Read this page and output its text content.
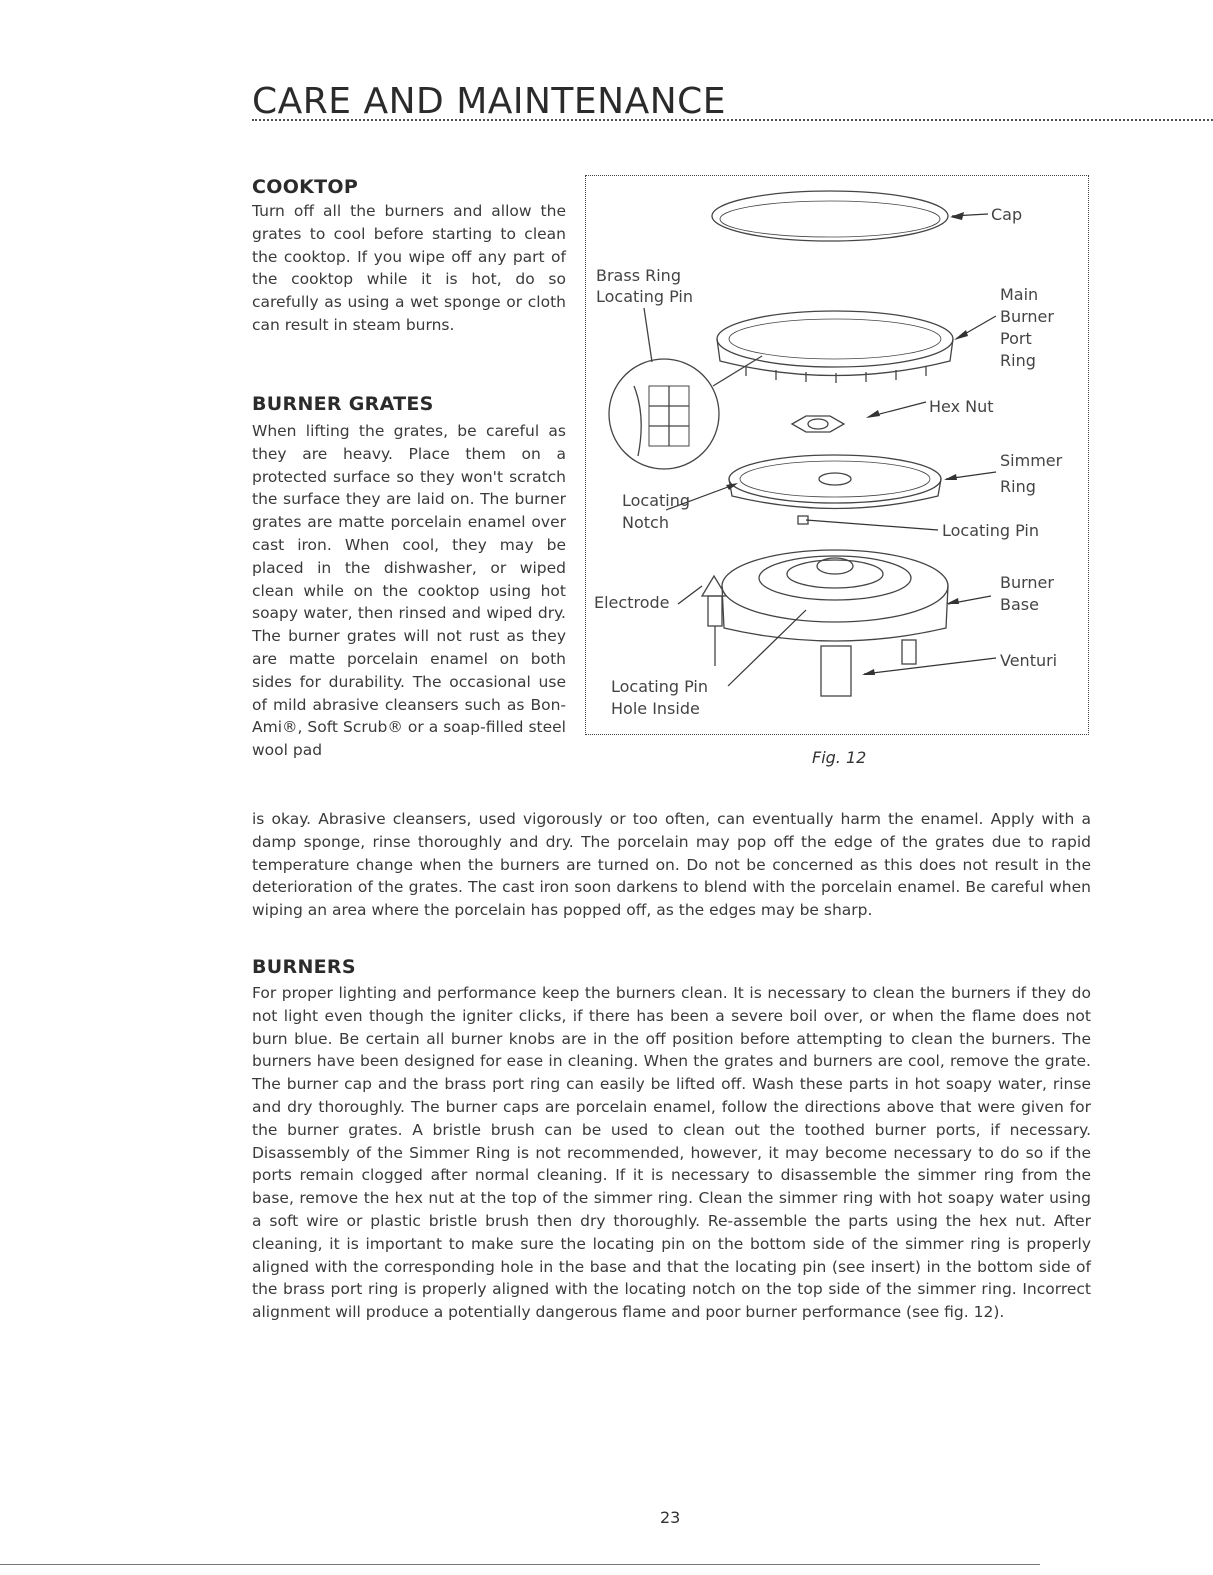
CARE AND MAINTENANCE
COOKTOP

Turn off all the burners and allow the grates to cool before starting to clean the cooktop. If you wipe off any part of the cooktop while it is hot, do so carefully as using a wet sponge or cloth can result in steam burns.

BURNER GRATES

When lifting the grates, be careful as they are heavy. Place them on a protected surface so they won't scratch the surface they are laid on. The burner grates are matte porcelain enamel over cast iron. When cool, they may be placed in the dishwasher, or wiped clean while on the cooktop using hot soapy water, then rinsed and wiped dry. The burner grates will not rust as they are matte porcelain enamel on both sides for durability. The occasional use of mild abrasive cleansers such as Bon-Ami®, Soft Scrub® or a soap-filled steel wool pad

is okay. Abrasive cleansers, used vigorously or too often, can eventually harm the enamel. Apply with a damp sponge, rinse thoroughly and dry. The porcelain may pop off the edge of the grates due to rapid temperature change when the burners are turned on. Do not be concerned as this does not result in the deterioration of the grates. The cast iron soon darkens to blend with the porcelain enamel. Be careful when wiping an area where the porcelain has popped off, as the edges may be sharp.

BURNERS

For proper lighting and performance keep the burners clean. It is necessary to clean the burners if they do not light even though the igniter clicks, if there has been a severe boil over, or when the flame does not burn blue. Be certain all burner knobs are in the off position before attempting to clean the burners. The burners have been designed for ease in cleaning. When the grates and burners are cool, remove the grate. The burner cap and the brass port ring can easily be lifted off. Wash these parts in hot soapy water, rinse and dry thoroughly. The burner caps are porcelain enamel, follow the directions above that were given for the burner grates. A bristle brush can be used to clean out the toothed burner ports, if necessary. Disassembly of the Simmer Ring is not recommended, however, it may become necessary to do so if the ports remain clogged after normal cleaning. If it is necessary to disassemble the simmer ring from the base, remove the hex nut at the top of the simmer ring. Clean the simmer ring with hot soapy water using a soft wire or plastic bristle brush then dry thoroughly. Re-assemble the parts using the hex nut. After cleaning, it is important to make sure the locating pin on the bottom side of the simmer ring is properly aligned with the corresponding hole in the base and that the locating pin (see insert) in the bottom side of the brass port ring is properly aligned with the locating notch on the top side of the simmer ring. Incorrect alignment will produce a potentially dangerous flame and poor burner performance (see fig. 12).

Cap
Brass Ring
Locating Pin	Main
Burner
Port
Ring
Hex Nut
Simmer
Ring
Locating
Notch	Locating Pin
Electrode
Burner
Base
Venturi
Locating Pin
Hole Inside

Fig. 12

23
